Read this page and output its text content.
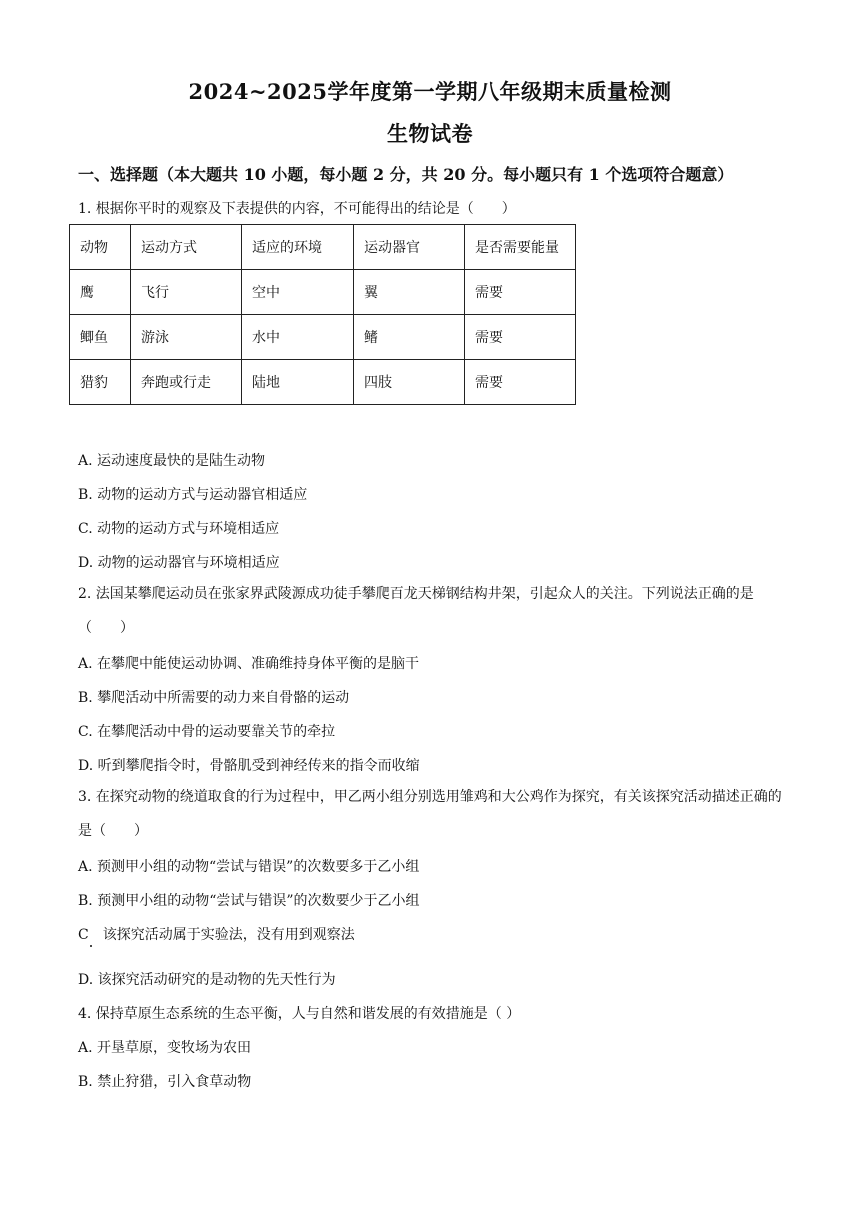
2024~2025学年度第一学期八年级期末质量检测
生物试卷
一、选择题（本大题共 10 小题，每小题 2 分，共 20 分。每小题只有 1 个选项符合题意）
1. 根据你平时的观察及下表提供的内容，不可能得出的结论是（　　）
动物	运动方式	适应的环境	运动器官	是否需要能量
鹰	飞行	空中	翼	需要
鲫鱼	游泳	水中	鳍	需要
猎豹	奔跑或行走	陆地	四肢	需要
A. 运动速度最快的是陆生动物
B. 动物的运动方式与运动器官相适应
C. 动物的运动方式与环境相适应
D. 动物的运动器官与环境相适应
2. 法国某攀爬运动员在张家界武陵源成功徒手攀爬百龙天梯钢结构井架，引起众人的关注。下列说法正确的是（　　）
A. 在攀爬中能使运动协调、准确维持身体平衡的是脑干
B. 攀爬活动中所需要的动力来自骨骼的运动
C. 在攀爬活动中骨的运动要靠关节的牵拉
D. 听到攀爬指令时，骨骼肌受到神经传来的指令而收缩
3. 在探究动物的绕道取食的行为过程中，甲乙两小组分别选用雏鸡和大公鸡作为探究，有关该探究活动描述正确的是（　　）
A. 预测甲小组的动物“尝试与错误”的次数要多于乙小组
B. 预测甲小组的动物“尝试与错误”的次数要少于乙小组
C　该探究活动属于实验法，没有用到观察法
D. 该探究活动研究的是动物的先天性行为
4. 保持草原生态系统的生态平衡，人与自然和谐发展的有效措施是（ ）
A. 开垦草原，变牧场为农田
B. 禁止狩猎，引入食草动物
